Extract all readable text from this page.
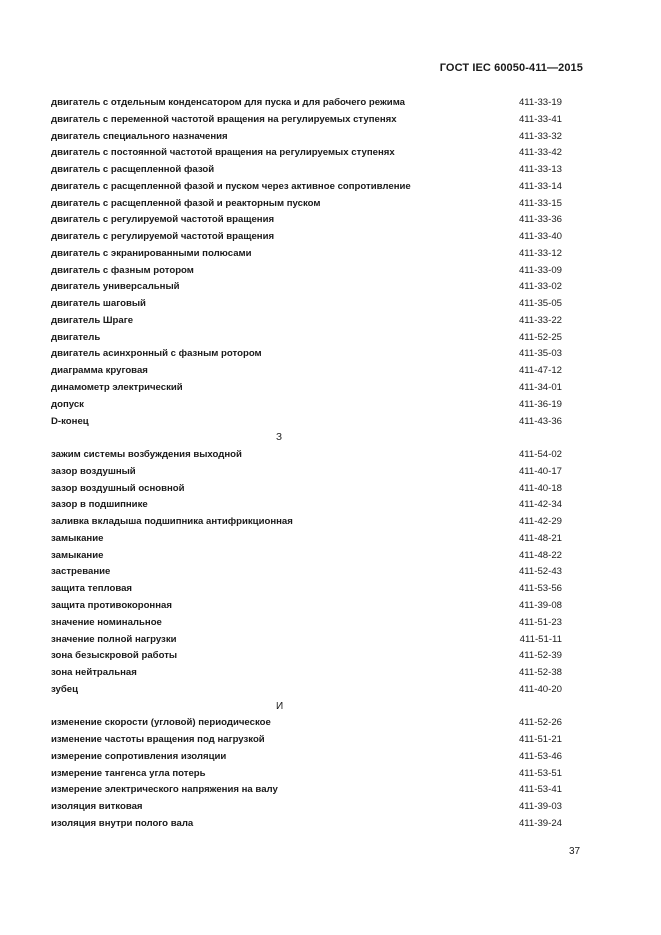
ГОСТ IEC 60050-411—2015
двигатель с отдельным конденсатором для пуска и для рабочего режима	411-33-19
двигатель с переменной частотой вращения на регулируемых ступенях	411-33-41
двигатель специального назначения	411-33-32
двигатель с постоянной частотой вращения на регулируемых ступенях	411-33-42
двигатель с расщепленной фазой	411-33-13
двигатель с расщепленной фазой и пуском через активное сопротивление	411-33-14
двигатель с расщепленной фазой и реакторным пуском	411-33-15
двигатель с регулируемой частотой вращения	411-33-36
двигатель с регулируемой частотой вращения	411-33-40
двигатель с экранированными полюсами	411-33-12
двигатель с фазным ротором	411-33-09
двигатель универсальный	411-33-02
двигатель шаговый	411-35-05
двигатель Шраге	411-33-22
двигатель	411-52-25
двигатель асинхронный с фазным ротором	411-35-03
диаграмма круговая	411-47-12
динамометр электрический	411-34-01
допуск	411-36-19
D-конец	411-43-36
З
зажим системы возбуждения выходной	411-54-02
зазор воздушный	411-40-17
зазор воздушный основной	411-40-18
зазор в подшипнике	411-42-34
заливка вкладыша подшипника антифрикционная	411-42-29
замыкание	411-48-21
замыкание	411-48-22
застревание	411-52-43
защита тепловая	411-53-56
защита противокоронная	411-39-08
значение номинальное	411-51-23
значение полной нагрузки	411-51-11
зона безыскровой работы	411-52-39
зона нейтральная	411-52-38
зубец	411-40-20
И
изменение скорости (угловой) периодическое	411-52-26
изменение частоты вращения под нагрузкой	411-51-21
измерение сопротивления изоляции	411-53-46
измерение тангенса угла потерь	411-53-51
измерение электрического напряжения на валу	411-53-41
изоляция витковая	411-39-03
изоляция внутри полого вала	411-39-24
37
